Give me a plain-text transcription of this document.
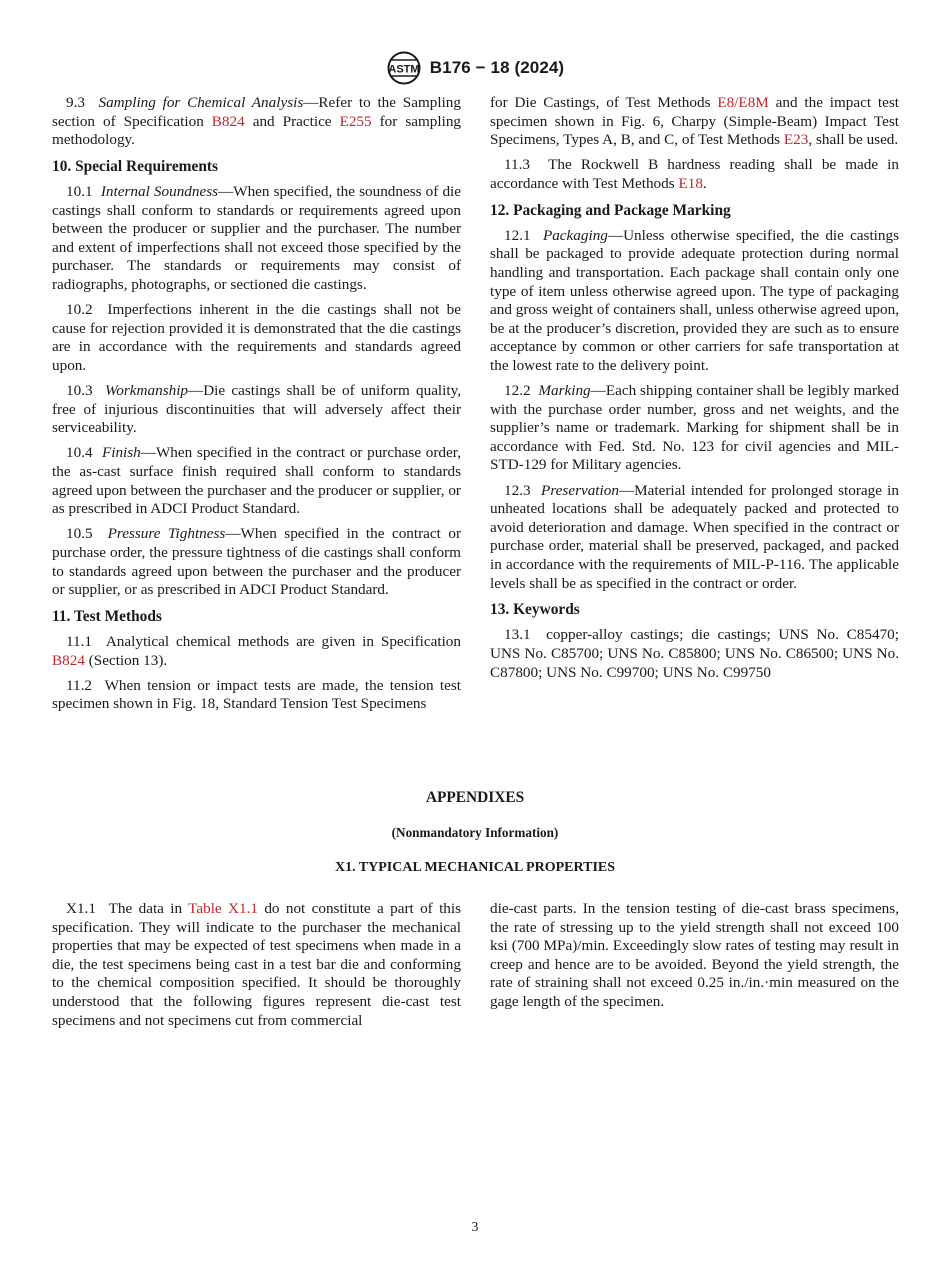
ASTM B176 − 18 (2024)

9.3 Sampling for Chemical Analysis—Refer to the Sampling section of Specification B824 and Practice E255 for sampling methodology.

10. Special Requirements

10.1 Internal Soundness—When specified, the soundness of die castings shall conform to standards or requirements agreed upon between the producer or supplier and the purchaser. The number and extent of imperfections shall not exceed those specified by the purchaser. The standards or requirements may consist of radiographs, photographs, or sectioned die castings.

10.2 Imperfections inherent in the die castings shall not be cause for rejection provided it is demonstrated that the die castings are in accordance with the requirements and standards agreed upon.

10.3 Workmanship—Die castings shall be of uniform quality, free of injurious discontinuities that will adversely affect their serviceability.

10.4 Finish—When specified in the contract or purchase order, the as-cast surface finish required shall conform to standards agreed upon between the purchaser and the producer or supplier, or as prescribed in ADCI Product Standard.

10.5 Pressure Tightness—When specified in the contract or purchase order, the pressure tightness of die castings shall conform to standards agreed upon between the purchaser and the producer or supplier, or as prescribed in ADCI Product Standard.

11. Test Methods

11.1 Analytical chemical methods are given in Specification B824 (Section 13).

11.2 When tension or impact tests are made, the tension test specimen shown in Fig. 18, Standard Tension Test Specimens

for Die Castings, of Test Methods E8/E8M and the impact test specimen shown in Fig. 6, Charpy (Simple-Beam) Impact Test Specimens, Types A, B, and C, of Test Methods E23, shall be used.

11.3 The Rockwell B hardness reading shall be made in accordance with Test Methods E18.

12. Packaging and Package Marking

12.1 Packaging—Unless otherwise specified, the die castings shall be packaged to provide adequate protection during normal handling and transportation. Each package shall contain only one type of item unless otherwise agreed upon. The type of packaging and gross weight of containers shall, unless otherwise agreed upon, be at the producer’s discretion, provided they are such as to ensure acceptance by common or other carriers for safe transportation at the lowest rate to the delivery point.

12.2 Marking—Each shipping container shall be legibly marked with the purchase order number, gross and net weights, and the supplier’s name or trademark. Marking for shipment shall be in accordance with Fed. Std. No. 123 for civil agencies and MIL-STD-129 for Military agencies.

12.3 Preservation—Material intended for prolonged storage in unheated locations shall be adequately packed and protected to avoid deterioration and damage. When specified in the contract or purchase order, material shall be preserved, packaged, and packed in accordance with the requirements of MIL-P-116. The applicable levels shall be as specified in the contract or order.

13. Keywords

13.1 copper-alloy castings; die castings; UNS No. C85470; UNS No. C85700; UNS No. C85800; UNS No. C86500; UNS No. C87800; UNS No. C99700; UNS No. C99750

APPENDIXES
(Nonmandatory Information)
X1. TYPICAL MECHANICAL PROPERTIES

X1.1 The data in Table X1.1 do not constitute a part of this specification. They will indicate to the purchaser the mechanical properties that may be expected of test specimens when made in a die, the test specimens being cast in a test bar die and conforming to the chemical composition specified. It should be thoroughly understood that the following figures represent die-cast test specimens and not specimens cut from commercial

die-cast parts. In the tension testing of die-cast brass specimens, the rate of stressing up to the yield strength shall not exceed 100 ksi (700 MPa)/min. Exceedingly slow rates of testing may result in creep and hence are to be avoided. Beyond the yield strength, the rate of straining shall not exceed 0.25 in./in.·min measured on the gage length of the specimen.

3
